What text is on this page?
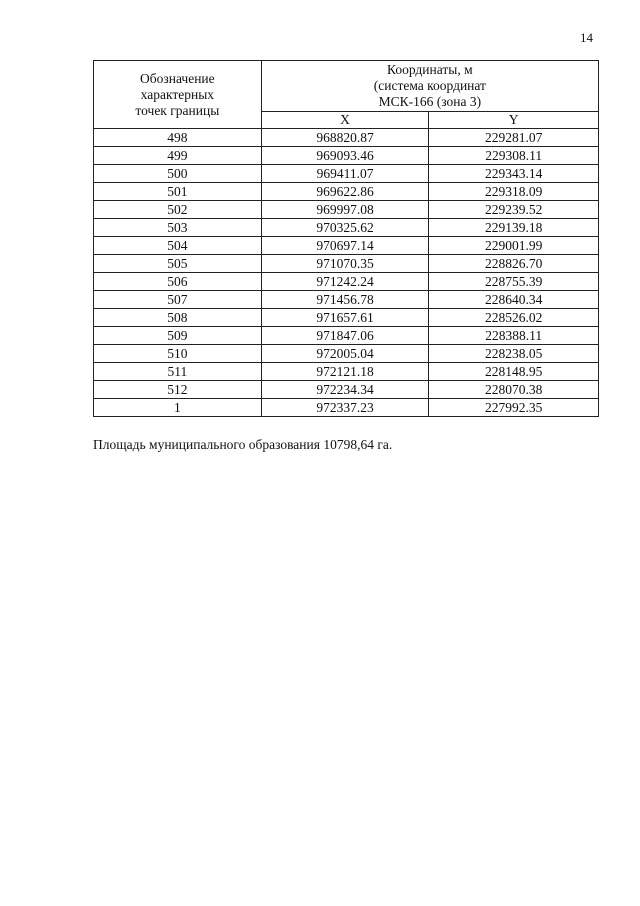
14
Обозначение
характерных
точек границы	Координаты, м
(система координат
МСК-166 (зона 3)	
	X	Y
498	968820.87	229281.07
499	969093.46	229308.11
500	969411.07	229343.14
501	969622.86	229318.09
502	969997.08	229239.52
503	970325.62	229139.18
504	970697.14	229001.99
505	971070.35	228826.70
506	971242.24	228755.39
507	971456.78	228640.34
508	971657.61	228526.02
509	971847.06	228388.11
510	972005.04	228238.05
511	972121.18	228148.95
512	972234.34	228070.38
1	972337.23	227992.35
Площадь муниципального образования 10798,64 га.
